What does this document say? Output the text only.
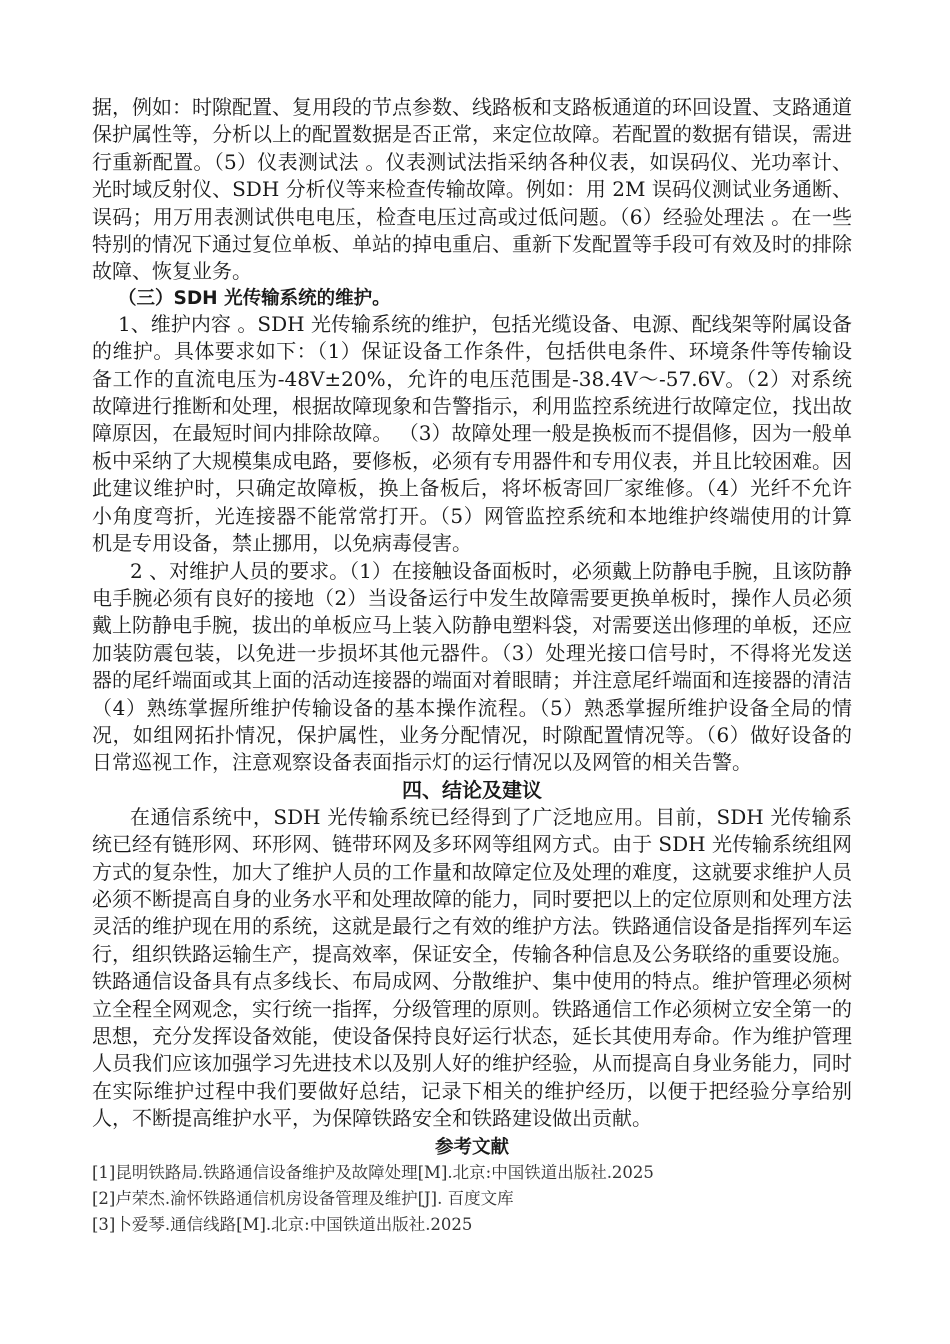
据，例如：时隙配置、复用段的节点参数、线路板和支路板通道的环回设置、支路通道保护属性等，分析以上的配置数据是否正常，来定位故障。若配置的数据有错误，需进行重新配置。（5）仪表测试法 。仪表测试法指采纳各种仪表，如误码仪、光功率计、光时域反射仪、SDH 分析仪等来检查传输故障。例如：用 2M 误码仪测试业务通断、误码；用万用表测试供电电压，检查电压过高或过低问题。（6）经验处理法 。在一些特别的情况下通过复位单板、单站的掉电重启、重新下发配置等手段可有效及时的排除故障、恢复业务。

（三）SDH 光传输系统的维护。

1、维护内容 。SDH 光传输系统的维护，包括光缆设备、电源、配线架等附属设备的维护。具体要求如下：（1）保证设备工作条件，包括供电条件、环境条件等传输设备工作的直流电压为-48V±20%，允许的电压范围是-38.4V～-57.6V。（2）对系统故障进行推断和处理，根据故障现象和告警指示，利用监控系统进行故障定位，找出故障原因，在最短时间内排除故障。 （3）故障处理一般是换板而不提倡修，因为一般单板中采纳了大规模集成电路，要修板，必须有专用器件和专用仪表，并且比较困难。因此建议维护时，只确定故障板，换上备板后，将坏板寄回厂家维修。（4）光纤不允许小角度弯折，光连接器不能常常打开。（5）网管监控系统和本地维护终端使用的计算机是专用设备，禁止挪用，以免病毒侵害。

2 、对维护人员的要求。（1）在接触设备面板时，必须戴上防静电手腕，且该防静电手腕必须有良好的接地（2）当设备运行中发生故障需要更换单板时，操作人员必须戴上防静电手腕，拔出的单板应马上装入防静电塑料袋，对需要送出修理的单板，还应加装防震包装，以免进一步损坏其他元器件。（3）处理光接口信号时，不得将光发送器的尾纤端面或其上面的活动连接器的端面对着眼睛；并注意尾纤端面和连接器的清洁（4）熟练掌握所维护传输设备的基本操作流程。（5）熟悉掌握所维护设备全局的情况，如组网拓扑情况，保护属性，业务分配情况，时隙配置情况等。（6）做好设备的日常巡视工作，注意观察设备表面指示灯的运行情况以及网管的相关告警。

四、结论及建议

在通信系统中，SDH 光传输系统已经得到了广泛地应用。目前，SDH 光传输系统已经有链形网、环形网、链带环网及多环网等组网方式。由于 SDH 光传输系统组网方式的复杂性，加大了维护人员的工作量和故障定位及处理的难度，这就要求维护人员必须不断提高自身的业务水平和处理故障的能力，同时要把以上的定位原则和处理方法灵活的维护现在用的系统，这就是最行之有效的维护方法。铁路通信设备是指挥列车运行，组织铁路运输生产，提高效率，保证安全，传输各种信息及公务联络的重要设施。铁路通信设备具有点多线长、布局成网、分散维护、集中使用的特点。维护管理必须树立全程全网观念，实行统一指挥，分级管理的原则。铁路通信工作必须树立安全第一的思想，充分发挥设备效能，使设备保持良好运行状态，延长其使用寿命。作为维护管理人员我们应该加强学习先进技术以及别人好的维护经验，从而提高自身业务能力，同时在实际维护过程中我们要做好总结，记录下相关的维护经历，以便于把经验分享给别人，不断提高维护水平，为保障铁路安全和铁路建设做出贡献。

参考文献

[1]昆明铁路局.铁路通信设备维护及故障处理[M].北京:中国铁道出版社.2025

[2]卢荣杰.渝怀铁路通信机房设备管理及维护[J]. 百度文库

[3]卜爱琴.通信线路[M].北京:中国铁道出版社.2025
